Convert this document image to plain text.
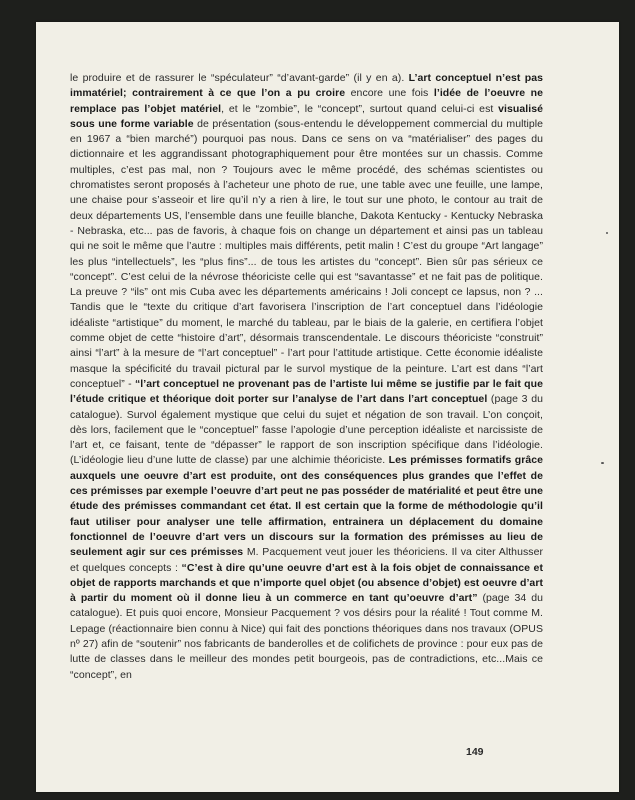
le produire et de rassurer le “spéculateur” “d’avant-garde” (il y en a). L’art conceptuel n’est pas immatériel; contrairement à ce que l’on a pu croire encore une fois l’idée de l’oeuvre ne remplace pas l’objet matériel, et le “zombie”, le “concept”, surtout quand celui-ci est visualisé sous une forme variable de présentation (sous-entendu le développement commercial du multiple en 1967 a “bien marché”) pourquoi pas nous. Dans ce sens on va “matérialiser” des pages du dictionnaire et les aggrandissant photographiquement pour être montées sur un chassis. Comme multiples, c’est pas mal, non ? Toujours avec le même procédé, des schémas scientistes ou chromatistes seront proposés à l’acheteur une photo de rue, une table avec une feuille, une lampe, une chaise pour s’asseoir et lire qu’il n’y a rien à lire, le tout sur une photo, le contour au trait de deux départements US, l’ensemble dans une feuille blanche, Dakota Kentucky - Kentucky Nebraska - Nebraska, etc... pas de favoris, à chaque fois on change un département et ainsi pas un tableau qui ne soit le même que l’autre : multiples mais différents, petit malin ! C’est du groupe “Art langage” les plus “intellectuels”, les “plus fins”... de tous les artistes du “concept”. Bien sûr pas sérieux ce “concept”. C’est celui de la névrose théoriciste celle qui est “savantasse” et ne fait pas de politique. La preuve ? “ils” ont mis Cuba avec les départements américains ! Joli concept ce lapsus, non ? ... Tandis que le “texte du critique d’art favorisera l’inscription de l’art conceptuel dans l’idéologie idéaliste “artistique” du moment, le marché du tableau, par le biais de la galerie, en certifiera l’objet comme objet de cette “histoire d’art”, désormais transcendentale. Le discours théoriciste “construit” ainsi “l’art” à la mesure de “l’art conceptuel” - l’art pour l’attitude artistique. Cette économie idéaliste masque la spécificité du travail pictural par le survol mystique de la peinture. L’art est dans “l’art conceptuel” - “l’art conceptuel ne provenant pas de l’artiste lui même se justifie par le fait que l’étude critique et théorique doit porter sur l’analyse de l’art dans l’art conceptuel (page 3 du catalogue). Survol également mystique que celui du sujet et négation de son travail. L’on conçoit, dès lors, facilement que le “conceptuel” fasse l’apologie d’une perception idéaliste et narcissiste de l’art et, ce faisant, tente de “dépasser” le rapport de son inscription spécifique dans l’idéologie. (L’idéologie lieu d’une lutte de classe) par une alchimie théoriciste. Les prémisses formatifs grâce auxquels une oeuvre d’art est produite, ont des conséquences plus grandes que l’effet de ces prémisses par exemple l’oeuvre d’art peut ne pas posséder de matérialité et peut être une étude des prémisses commandant cet état. Il est certain que la forme de méthodologie qu’il faut utiliser pour analyser une telle affirmation, entrainera un déplacement du domaine fonctionnel de l’oeuvre d’art vers un discours sur la formation des prémisses au lieu de seulement agir sur ces prémisses M. Pacquement veut jouer les théoriciens. Il va citer Althusser et quelques concepts : “C’est à dire qu’une oeuvre d’art est à la fois objet de connaissance et objet de rapports marchands et que n’importe quel objet (ou absence d’objet) est oeuvre d’art à partir du moment où il donne lieu à un commerce en tant qu’oeuvre d’art” (page 34 du catalogue). Et puis quoi encore, Monsieur Pacquement ? vos désirs pour la réalité ! Tout comme M. Lepage (réactionnaire bien connu à Nice) qui fait des ponctions théoriques dans nos travaux (OPUS nº 27) afin de “soutenir” nos fabricants de banderolles et de colifichets de province : pour eux pas de lutte de classes dans le meilleur des mondes petit bourgeois, pas de contradictions, etc...Mais ce “concept”, en

149
